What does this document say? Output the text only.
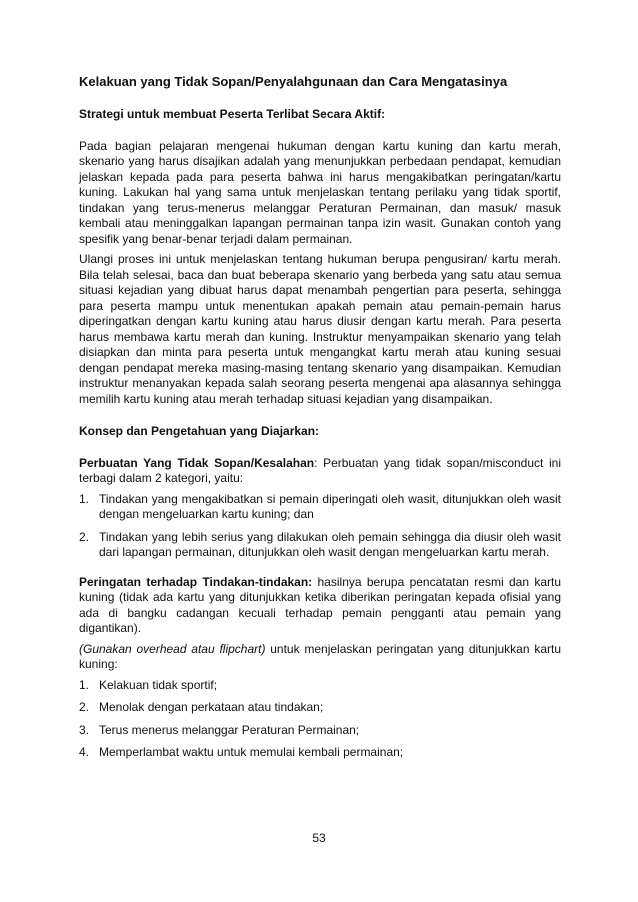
Kelakuan yang Tidak Sopan/Penyalahgunaan dan Cara Mengatasinya
Strategi untuk membuat Peserta Terlibat Secara Aktif:

Pada bagian pelajaran mengenai hukuman dengan kartu kuning dan kartu merah, skenario yang harus disajikan adalah yang menunjukkan perbedaan pendapat, kemudian jelaskan kepada pada para peserta bahwa ini harus mengakibatkan peringatan/kartu kuning. Lakukan hal yang sama untuk menjelaskan tentang perilaku yang tidak sportif, tindakan yang terus-menerus melanggar Peraturan Permainan, dan masuk/ masuk kembali atau meninggalkan lapangan permainan tanpa izin wasit. Gunakan contoh yang spesifik yang benar-benar terjadi dalam permainan.

Ulangi proses ini untuk menjelaskan tentang hukuman berupa pengusiran/ kartu merah. Bila telah selesai, baca dan buat beberapa skenario yang berbeda yang satu atau semua situasi kejadian yang dibuat harus dapat menambah pengertian para peserta, sehingga para peserta mampu untuk menentukan apakah pemain atau pemain-pemain harus diperingatkan dengan kartu kuning atau harus diusir dengan kartu merah. Para peserta harus membawa kartu merah dan kuning. Instruktur menyampaikan skenario yang telah disiapkan dan minta para peserta untuk mengangkat kartu merah atau kuning sesuai dengan pendapat mereka masing-masing tentang skenario yang disampaikan. Kemudian instruktur menanyakan kepada salah seorang peserta mengenai apa alasannya sehingga memilih kartu kuning atau merah terhadap situasi kejadian yang disampaikan.

Konsep dan Pengetahuan yang Diajarkan:

Perbuatan Yang Tidak Sopan/Kesalahan: Perbuatan yang tidak sopan/misconduct ini terbagi dalam 2 kategori, yaitu:

1. Tindakan yang mengakibatkan si pemain diperingati oleh wasit, ditunjukkan oleh wasit dengan mengeluarkan kartu kuning; dan
2. Tindakan yang lebih serius yang dilakukan oleh pemain sehingga dia diusir oleh wasit dari lapangan permainan, ditunjukkan oleh wasit dengan mengeluarkan kartu merah.

Peringatan terhadap Tindakan-tindakan: hasilnya berupa pencatatan resmi dan kartu kuning (tidak ada kartu yang ditunjukkan ketika diberikan peringatan kepada ofisial yang ada di bangku cadangan kecuali terhadap pemain pengganti atau pemain yang digantikan).

(Gunakan overhead atau flipchart) untuk menjelaskan peringatan yang ditunjukkan kartu kuning:

1. Kelakuan tidak sportif;
2. Menolak dengan perkataan atau tindakan;
3. Terus menerus melanggar Peraturan Permainan;
4. Memperlambat waktu untuk memulai kembali permainan;
53
